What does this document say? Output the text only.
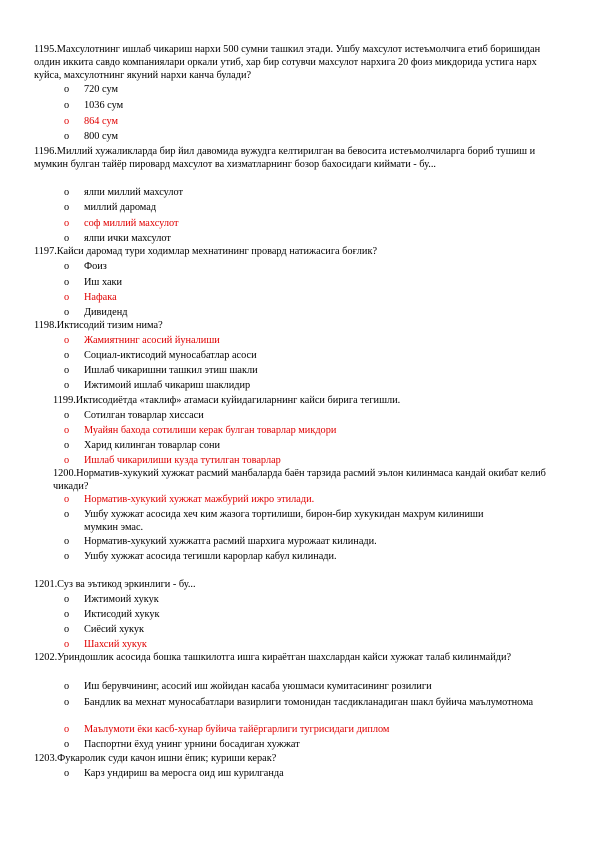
1195.Махсулотнинг ишлаб чикариш нархи 500 сумни ташкил этади. Ушбу махсулот истеъмолчига етиб боришидан олдин иккита савдо компаниялари оркали утиб, хар бир сотувчи махсулот нархига 20 фоиз микдорида устига нарх куйса, махсулотнинг якуний нархи канча булади?

o	720 сум
o	1036 сум
o	864 сум
o	800 сум

1196.Миллий хужаликларда бир йил давомида вужудга келтирилган ва бевосита истеъмолчиларга бориб тушиш и мумкин булган тайёр пировард махсулот ва хизматларнинг бозор бахосидаги киймати - бу...

o	ялпи миллий махсулот
o	миллий даромад
o	соф миллий махсулот
o	ялпи ички махсулот

1197.Кайси даромад тури ходимлар мехнатининг провард натижасига боғлик?

o	Фоиз
o	Иш хаки
o	Нафака
o	Дивиденд

1198.Иктисодий тизим нима?

o	Жамиятнинг асосий йуналиши
o	Социал-иктисодий муносабатлар асоси
o	Ишлаб чикаришни ташкил этиш шакли
o	Ижтимоий ишлаб чикариш шаклидир

1199.Иктисодиётда «таклиф» атамаси куйидагиларнинг кайси бирига тегишли.

o	Сотилган товарлар хиссаси
o	Муайян бахода сотилиши керак булган товарлар микдори
o	Харид килинган товарлар сони
o	Ишлаб чикарилиши кузда тутилган товарлар

1200.Норматив-хукукий хужжат расмий манбаларда баён тарзида расмий эълон килинмаса кандай окибат келиб чикади?

o	Норматив-хукукий хужжат мажбурий ижро этилади.
o	Ушбу хужжат асосида хеч ким жазога тортилиши, бирон-бир хукукидан махрум килиниши мумкин эмас.
o	Норматив-хукукий хужжатга расмий шархига мурожаат килинади.
o	Ушбу хужжат асосида тегишли карорлар кабул килинади.

1201.Суз ва эътикод эркинлиги - бу...

o	Ижтимоий хукук
o	Иктисодий хукук
o	Сиёсий хукук
o	Шахсий хукук

1202.Уриндошлик асосида бошка ташкилотга ишга кираётган шахслардан кайси хужжат талаб килинмайди?

o	Иш берувчининг, асосий иш жойидан касаба уюшмаси кумитасининг розилиги
o	Бандлик ва мехнат муносабатлари вазирлиги томонидан тасдикланадиган шакл буйича маълумотнома
o	Маълумоти ёки касб-хунар буйича тайёргарлиги тугрисидаги диплом
o	Паспортни ёхуд унинг урнини босадиган хужжат

1203.Фукаролик суди качон ишни ёпик; куриши керак?

o	Карз ундириш ва меросга оид иш курилганда
